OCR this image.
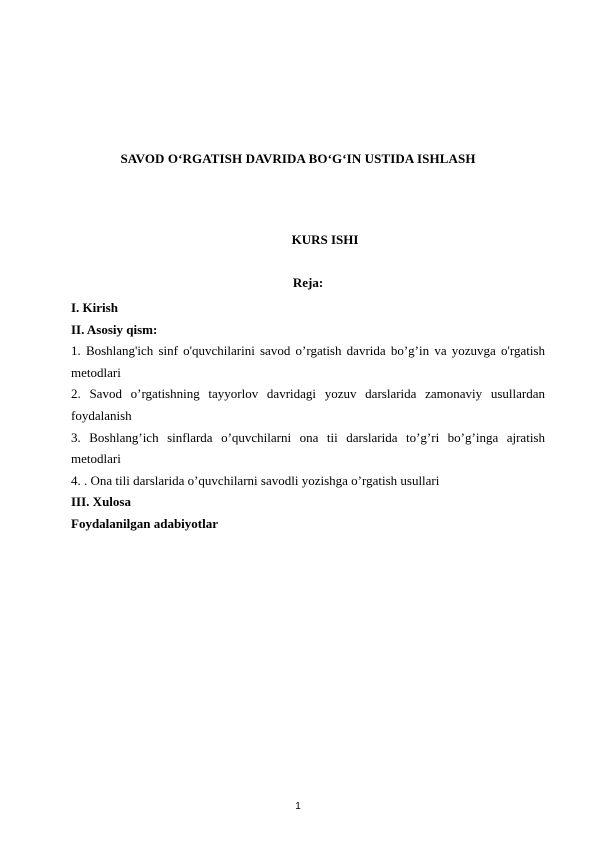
SAVOD O‘RGATISH DAVRIDA BO‘G‘IN USTIDA ISHLASH
KURS ISHI
Reja:

I. Kirish

II. Asosiy qism:

1. Boshlang'ich sinf o'quvchilarini savod o’rgatish davrida bo’g’in va yozuvga o'rgatish metodlari

2. Savod o’rgatishning tayyorlov davridagi yozuv darslarida zamonaviy usullardan foydalanish

3. Boshlang’ich sinflarda o’quvchilarni ona tii darslarida to’g’ri bo’g’inga ajratish metodlari

4. . Ona tili darslarida o’quvchilarni savodli yozishga o’rgatish usullari

III. Xulosa

Foydalanilgan adabiyotlar

1
